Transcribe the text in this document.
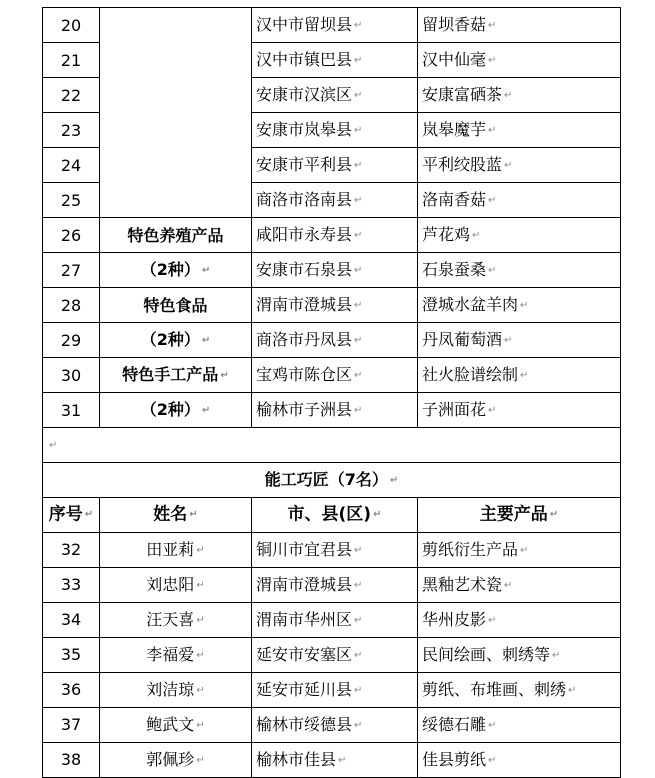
20		汉中市留坝县 ↵	留坝香菇 ↵
21		汉中市镇巴县 ↵	汉中仙毫 ↵
22		安康市汉滨区 ↵	安康富硒茶 ↵
23		安康市岚皋县 ↵	岚皋魔芋 ↵
24		安康市平利县 ↵	平利绞股蓝 ↵
25		商洛市洛南县 ↵	洛南香菇 ↵
26	特色养殖产品	咸阳市永寿县 ↵	芦花鸡 ↵
27	（2种） ↵	安康市石泉县 ↵	石泉蚕桑 ↵
28	特色食品	渭南市澄城县 ↵	澄城水盆羊肉 ↵
29	（2种） ↵	商洛市丹凤县 ↵	丹凤葡萄酒 ↵
30	特色手工产品 ↵	宝鸡市陈仓区 ↵	社火脸谱绘制 ↵
31	（2种） ↵	榆林市子洲县 ↵	子洲面花 ↵
↵			
能工巧匠（7名） ↵			
序号 ↵	姓名 ↵	市、县(区) ↵	主要产品 ↵
32	田亚莉 ↵	铜川市宜君县 ↵	剪纸衍生产品 ↵
33	刘忠阳 ↵	渭南市澄城县 ↵	黑釉艺术瓷 ↵
34	汪天喜 ↵	渭南市华州区 ↵	华州皮影 ↵
35	李福爱 ↵	延安市安塞区 ↵	民间绘画、刺绣等 ↵
36	刘洁琼 ↵	延安市延川县 ↵	剪纸、布堆画、刺绣 ↵
37	鲍武文 ↵	榆林市绥德县 ↵	绥德石雕 ↵
38	郭佩珍 ↵	榆林市佳县 ↵	佳县剪纸 ↵
